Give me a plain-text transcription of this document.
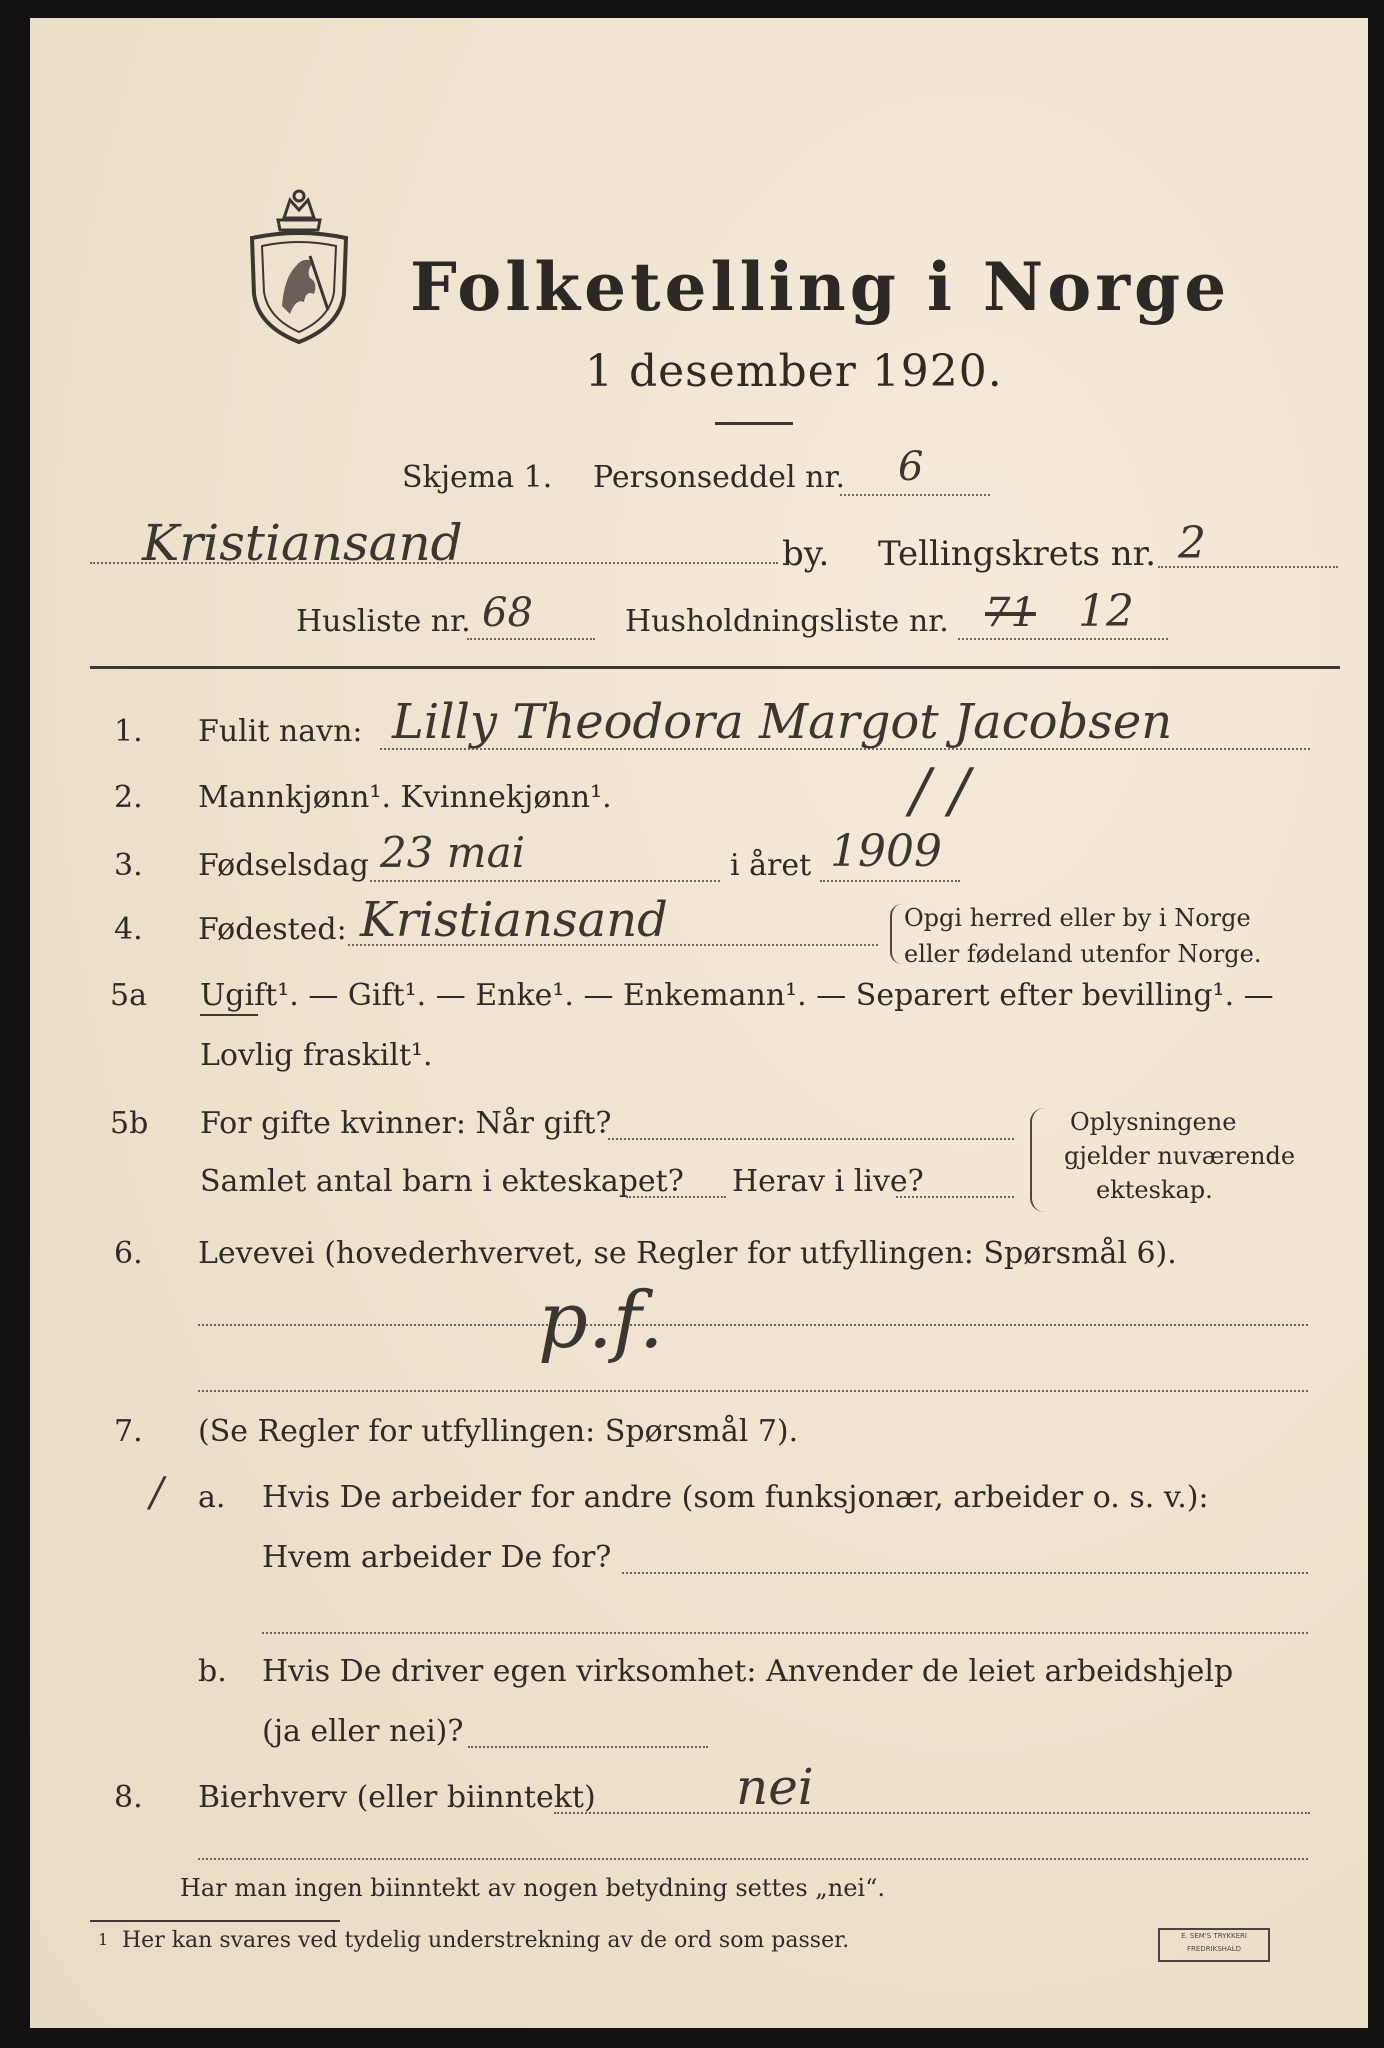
Folketelling i Norge
1 desember 1920.
Skjema 1. Personseddel nr. 6
Kristiansand	by. Tellingskrets nr. 2
Husliste nr. 68	Husholdningsliste nr. 71 12
1. Fulit navn: Lilly Theodora Margot Jacobsen
2. Mannkjønn¹. Kvinnekjønn¹.	/ /
3. Fødselsdag 23 mai	i året 1909
4. Fødested: Kristiansand	Opgi herred eller by i Norge
eller fødeland utenfor Norge.
5a Ugift¹. — Gift¹. — Enke¹. — Enkemann¹. — Separert efter bevilling¹. —
Lovlig fraskilt¹.
5b For gifte kvinner: Når gift?
Samlet antal barn i ekteskapet? Herav i live?
Oplysningene
gjelder nuværende
ekteskap.
6. Levevei (hovederhvervet, se Regler for utfyllingen: Spørsmål 6).
p.f.
7. (Se Regler for utfyllingen: Spørsmål 7).
/ a. Hvis De arbeider for andre (som funksjonær, arbeider o. s. v.):
Hvem arbeider De for?
b. Hvis De driver egen virksomhet: Anvender de leiet arbeidshjelp
(ja eller nei)?
8. Bierhverv (eller biinntekt)	nei
Har man ingen biinntekt av nogen betydning settes „nei“.
1 Her kan svares ved tydelig understrekning av de ord som passer.	E. SEM'S TRYKKERI
FREDRIKSHALD
